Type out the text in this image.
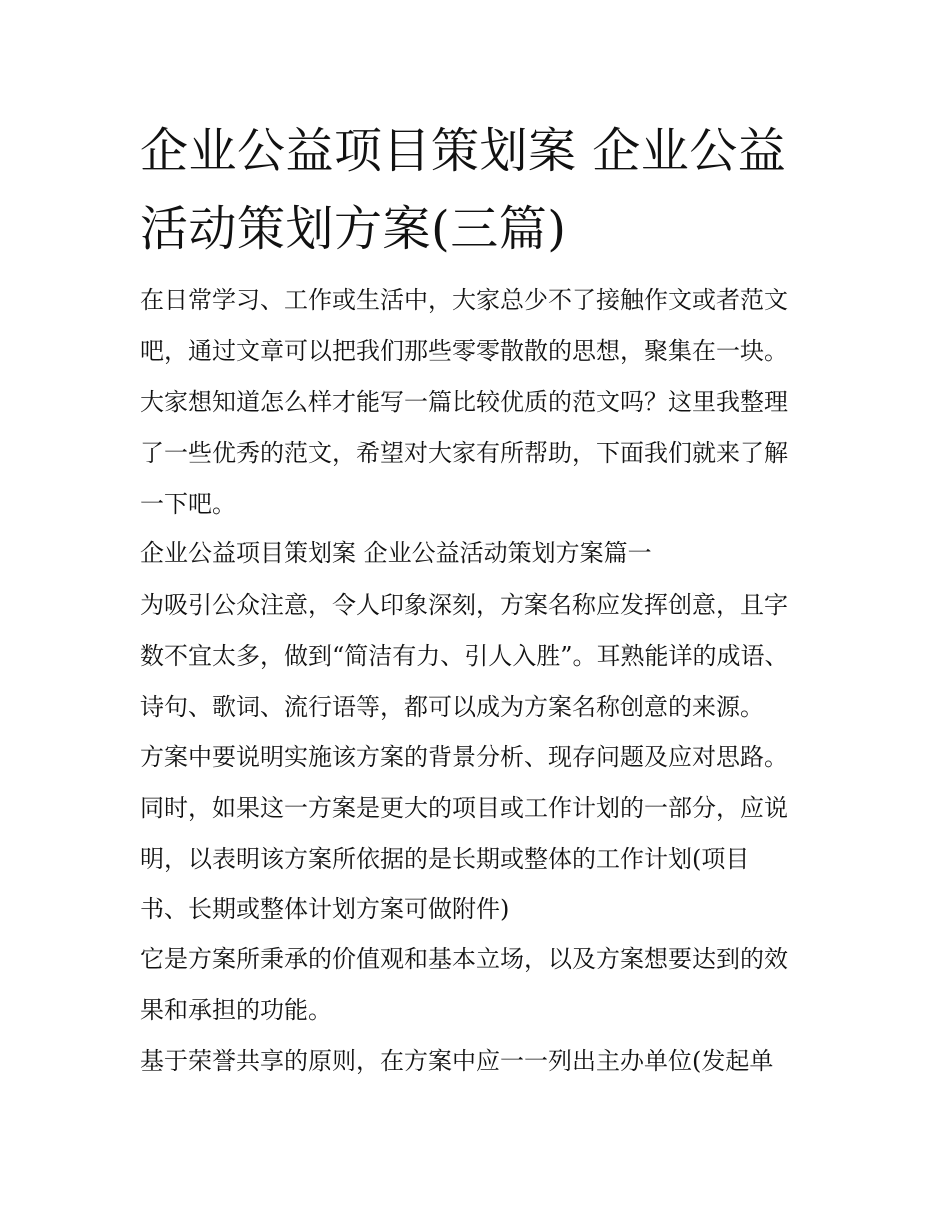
企业公益项目策划案 企业公益
活动策划方案(三篇)
在日常学习、工作或生活中，大家总少不了接触作文或者范文
吧，通过文章可以把我们那些零零散散的思想，聚集在一块。
大家想知道怎么样才能写一篇比较优质的范文吗？这里我整理
了一些优秀的范文，希望对大家有所帮助，下面我们就来了解
一下吧。
企业公益项目策划案 企业公益活动策划方案篇一
为吸引公众注意，令人印象深刻，方案名称应发挥创意，且字
数不宜太多，做到“简洁有力、引人入胜”。耳熟能详的成语、
诗句、歌词、流行语等，都可以成为方案名称创意的来源。
方案中要说明实施该方案的背景分析、现存问题及应对思路。
同时，如果这一方案是更大的项目或工作计划的一部分，应说
明，以表明该方案所依据的是长期或整体的工作计划(项目
书、长期或整体计划方案可做附件)
它是方案所秉承的价值观和基本立场，以及方案想要达到的效
果和承担的功能。
基于荣誉共享的原则，在方案中应一一列出主办单位(发起单
